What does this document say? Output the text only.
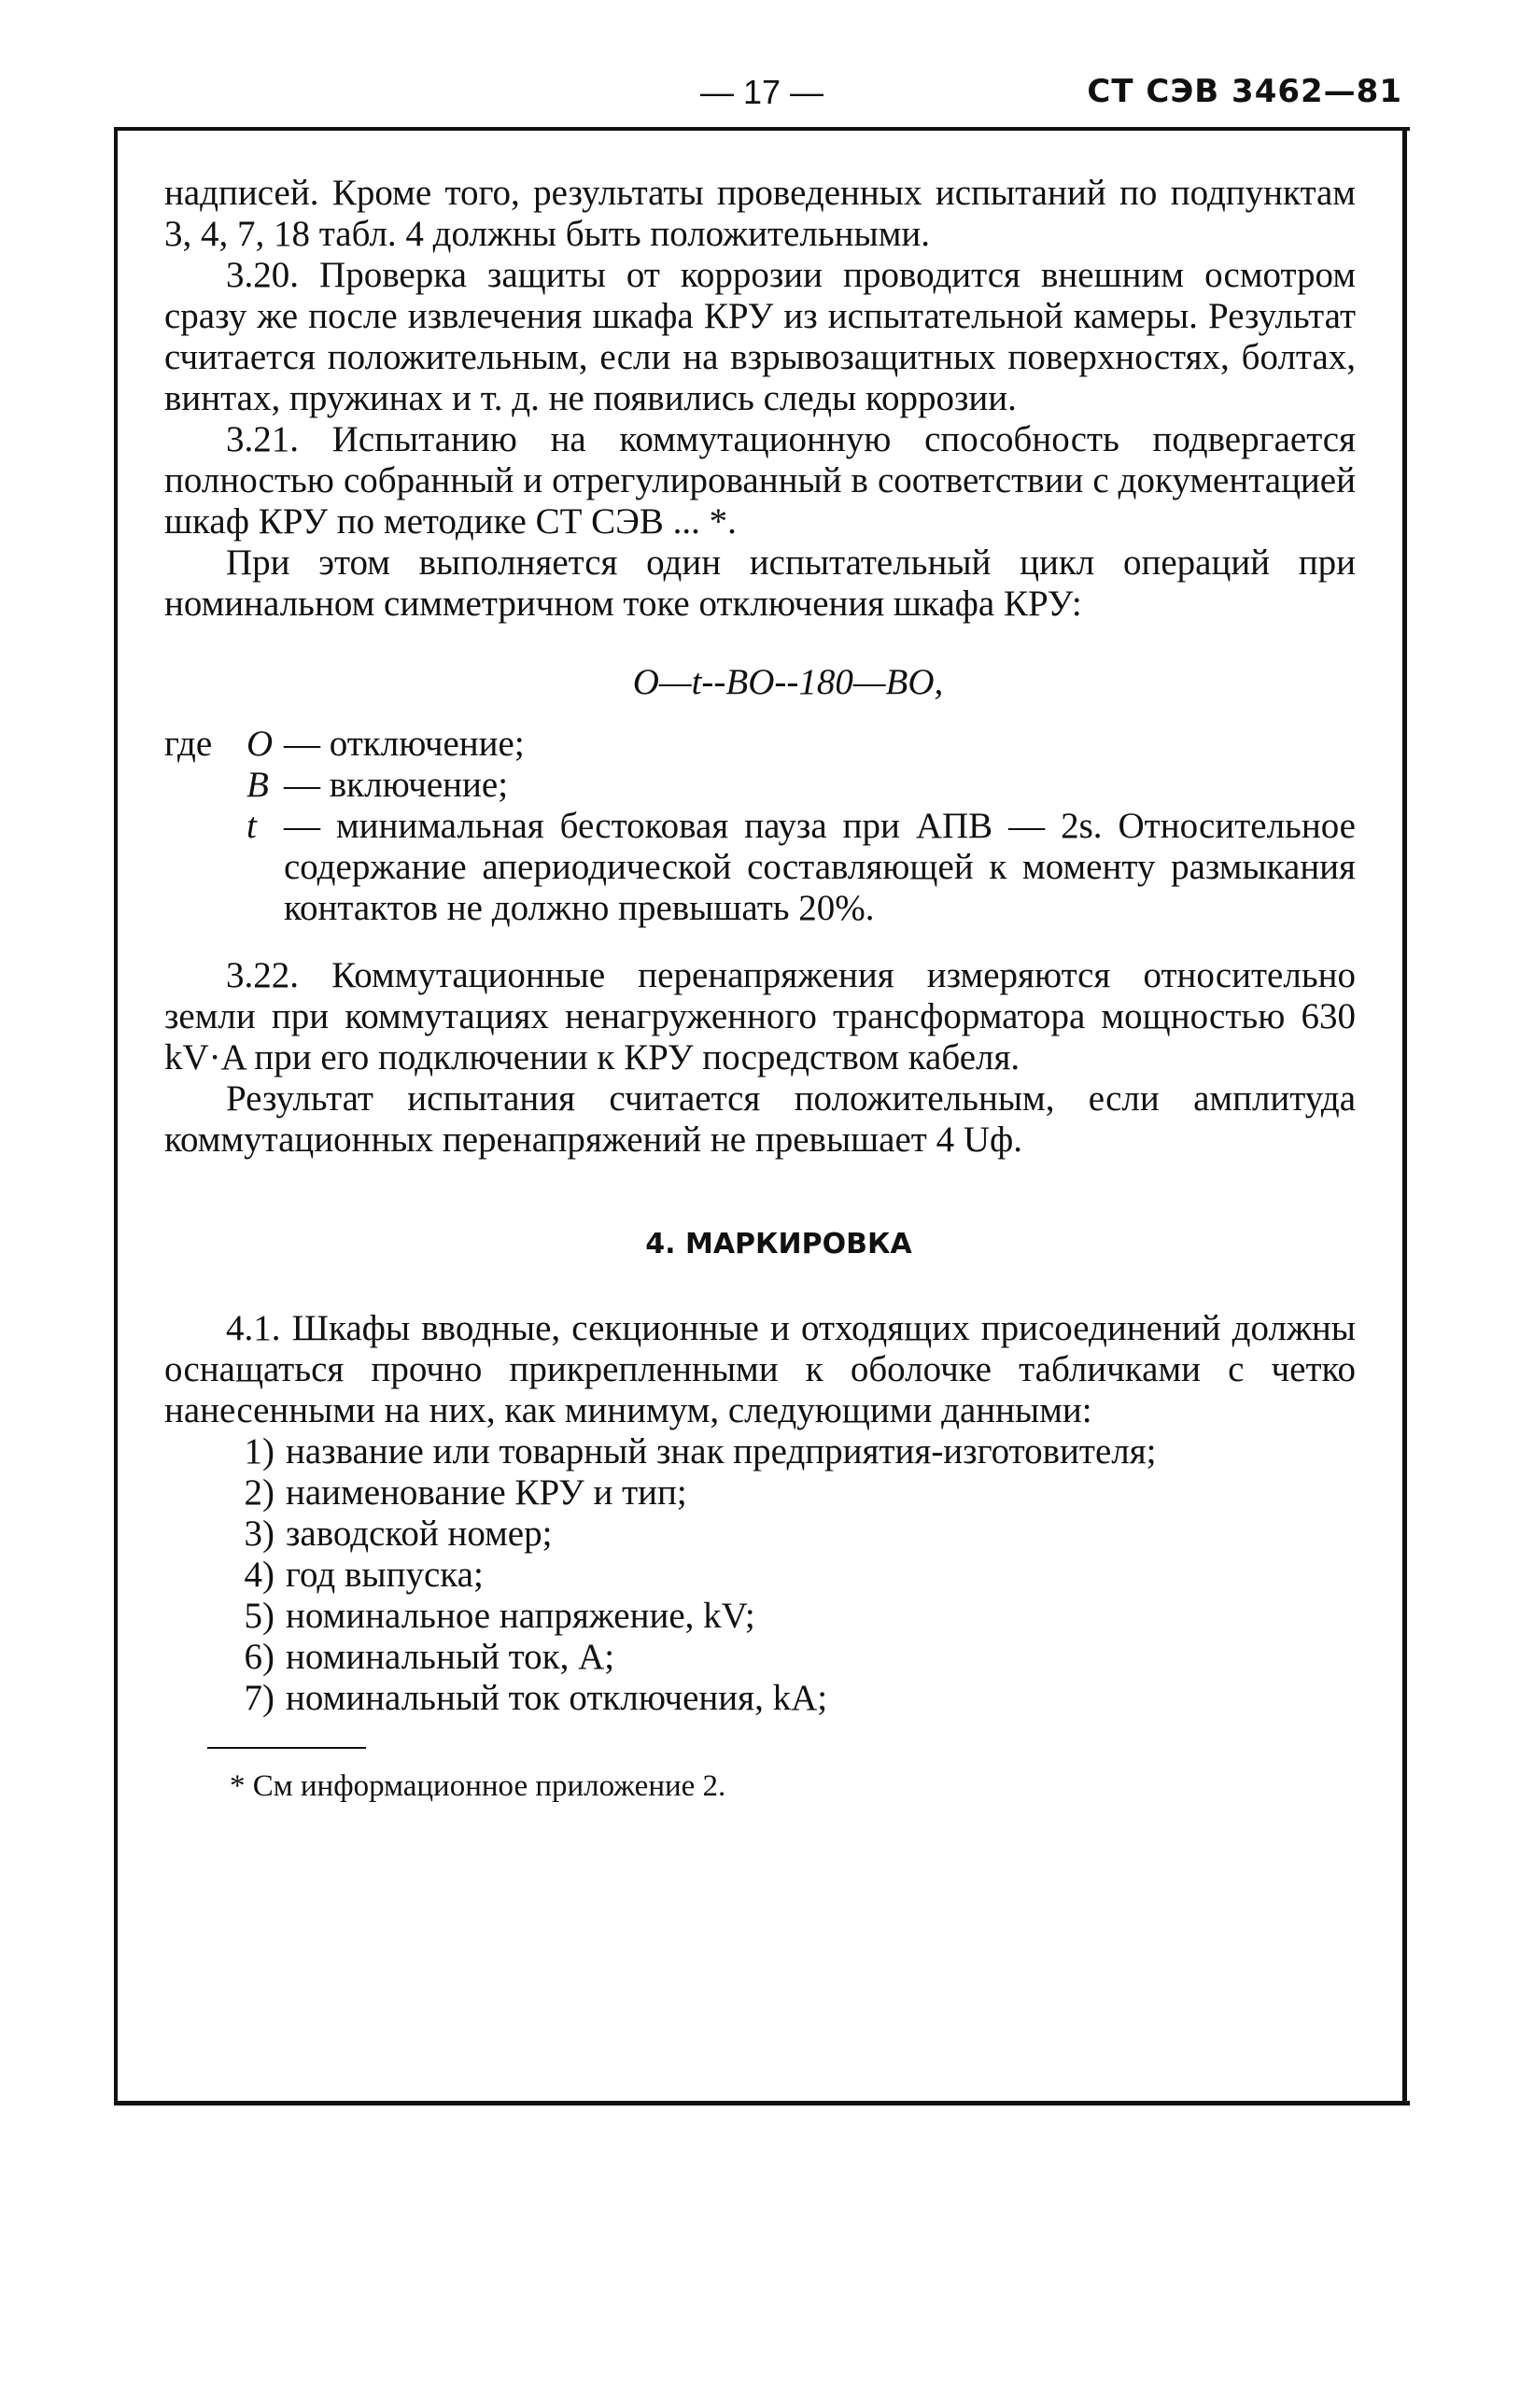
— 17 —	СТ СЭВ 3462—81

надписей. Кроме того, результаты проведенных испытаний по подпунктам 3, 4, 7, 18 табл. 4 должны быть положительными.

3.20. Проверка защиты от коррозии проводится внешним осмотром сразу же после извлечения шкафа КРУ из испытательной камеры. Результат считается положительным, если на взрывозащитных поверхностях, болтах, винтах, пружинах и т. д. не появились следы коррозии.

3.21. Испытанию на коммутационную способность подвергается полностью собранный и отрегулированный в соответствии с документацией шкаф КРУ по методике СТ СЭВ ... *.

При этом выполняется один испытательный цикл операций при номинальном симметричном токе отключения шкафа КРУ:

O—t--BO--180—BO,

где O — отключение;
B — включение;
t — минимальная бестоковая пауза при АПВ — 2s. Относительное содержание апериодической составляющей к моменту размыкания контактов не должно превышать 20%.

3.22. Коммутационные перенапряжения измеряются относительно земли при коммутациях ненагруженного трансформатора мощностью 630 kV·A при его подключении к КРУ посредством кабеля.

Результат испытания считается положительным, если амплитуда коммутационных перенапряжений не превышает 4 Uф.

4. МАРКИРОВКА

4.1. Шкафы вводные, секционные и отходящих присоединений должны оснащаться прочно прикрепленными к оболочке табличками с четко нанесенными на них, как минимум, следующими данными:

1) название или товарный знак предприятия-изготовителя;
2) наименование КРУ и тип;
3) заводской номер;
4) год выпуска;
5) номинальное напряжение, kV;
6) номинальный ток, A;
7) номинальный ток отключения, kA;

* См информационное приложение 2.
